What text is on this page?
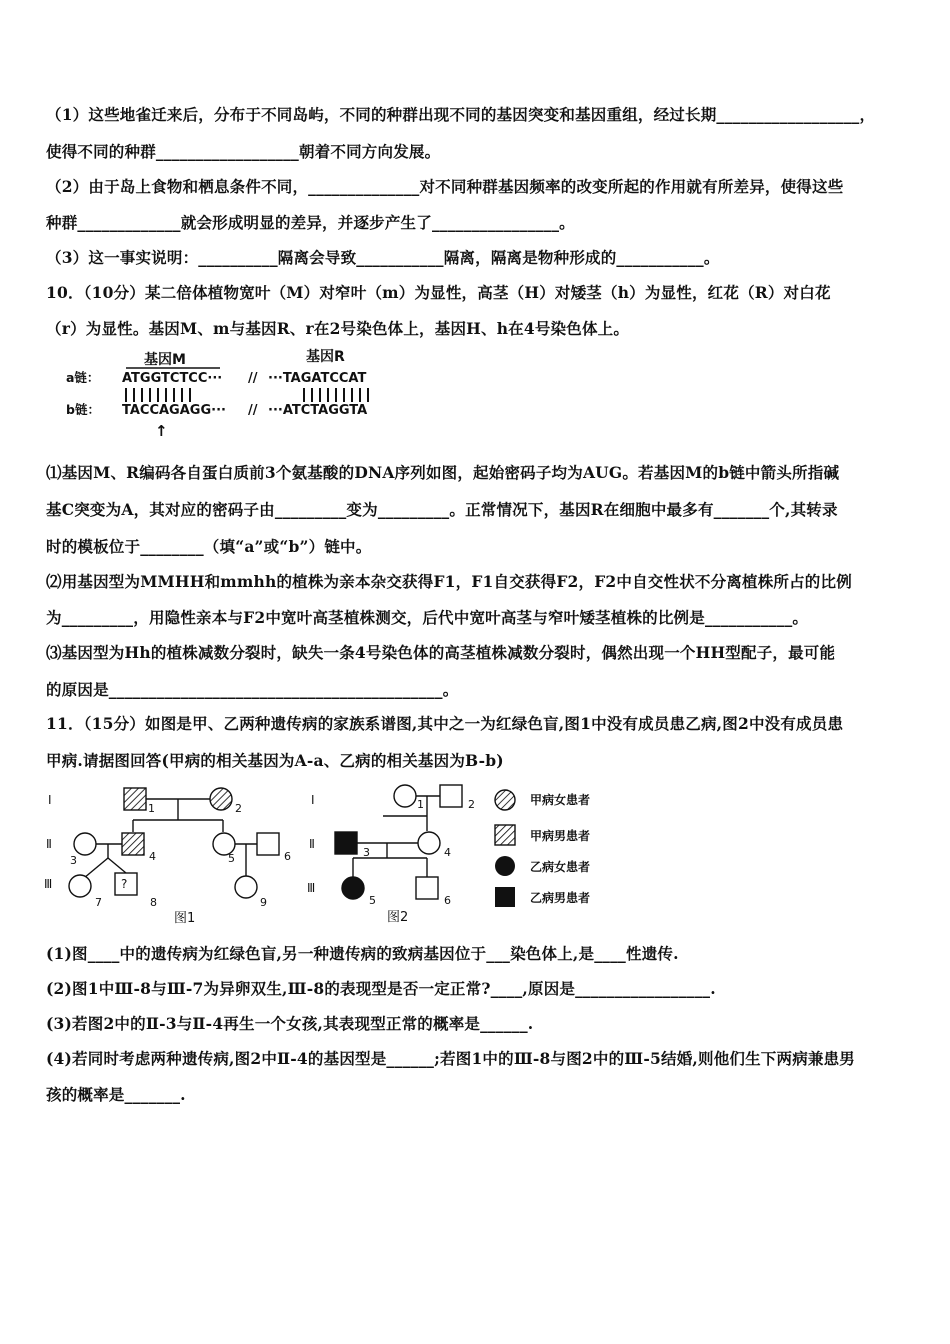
（1）这些地雀迁来后，分布于不同岛屿，不同的种群出现不同的基因突变和基因重组，经过长期__________________，
使得不同的种群__________________朝着不同方向发展。
（2）由于岛上食物和栖息条件不同，______________对不同种群基因频率的改变所起的作用就有所差异，使得这些
种群_____________就会形成明显的差异，并逐步产生了________________。
（3）这一事实说明：__________隔离会导致___________隔离，隔离是物种形成的___________。
10．（10分）某二倍体植物宽叶（M）对窄叶（m）为显性，高茎（H）对矮茎（h）为显性，红花（R）对白花
（r）为显性。基因M、m与基因R、r在2号染色体上，基因H、h在4号染色体上。
基因M	基因R
a链： ATGGTCTCC··· // ···TAGATCCAT
b链： TACCAGAGG··· // ···ATCTAGGTA
↑
⑴基因M、R编码各自蛋白质前3个氨基酸的DNA序列如图，起始密码子均为AUG。若基因M的b链中箭头所指碱
基C突变为A，其对应的密码子由_________变为_________。正常情况下，基因R在细胞中最多有_______个,其转录
时的模板位于________（填“a”或“b”）链中。
⑵用基因型为MMHH和mmhh的植株为亲本杂交获得F1，F1自交获得F2，F2中自交性状不分离植株所占的比例
为_________，用隐性亲本与F2中宽叶高茎植株测交，后代中宽叶高茎与窄叶矮茎植株的比例是___________。
⑶基因型为Hh的植株减数分裂时，缺失一条4号染色体的高茎植株减数分裂时，偶然出现一个HH型配子，最可能
的原因是__________________________________________。
11．（15分）如图是甲、乙两种遗传病的家族系谱图,其中之一为红绿色盲,图1中没有成员患乙病,图2中没有成员患
甲病.请据图回答(甲病的相关基因为A-a、乙病的相关基因为B-b)
Ⅰ
Ⅱ
Ⅲ
1	2
3	4	5	6
7
?
8	9
图1
Ⅰ
Ⅱ
Ⅲ
1	2
3	4
5	6
图2
甲病女患者
甲病男患者
乙病女患者
乙病男患者
(1)图____中的遗传病为红绿色盲,另一种遗传病的致病基因位于___染色体上,是____性遗传.
(2)图1中Ⅲ-8与Ⅲ-7为异卵双生,Ⅲ-8的表现型是否一定正常?____,原因是_________________.
(3)若图2中的Ⅱ-3与Ⅱ-4再生一个女孩,其表现型正常的概率是______.
(4)若同时考虑两种遗传病,图2中Ⅱ-4的基因型是______;若图1中的Ⅲ-8与图2中的Ⅲ-5结婚,则他们生下两病兼患男
孩的概率是_______.
